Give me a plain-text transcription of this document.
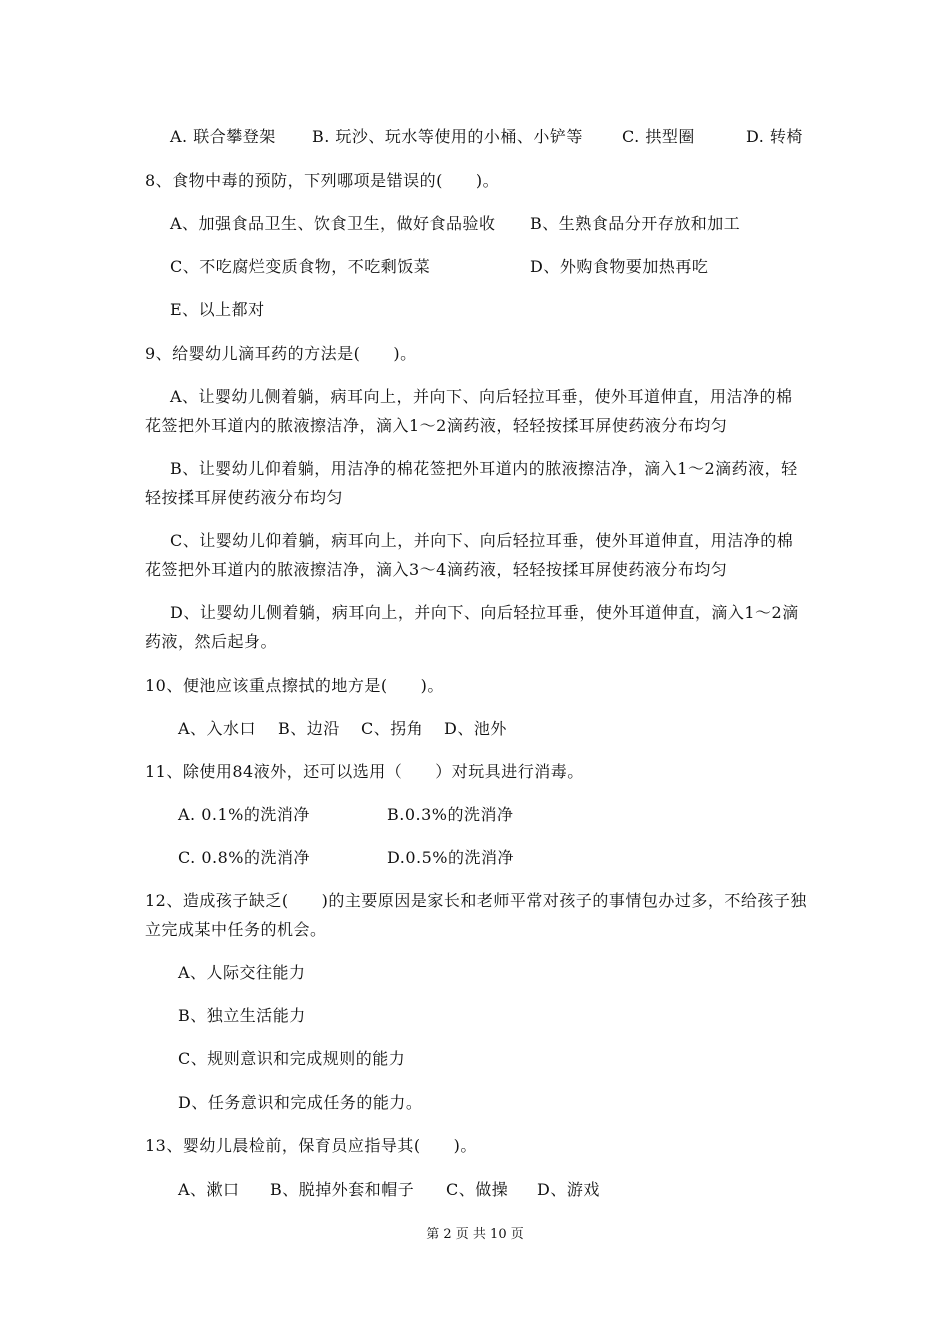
A. 联合攀登架 B. 玩沙、玩水等使用的小桶、小铲等 C. 拱型圈	D. 转椅
8、食物中毒的预防，下列哪项是错误的(　　)。
A、加强食品卫生、饮食卫生，做好食品验收 B、生熟食品分开存放和加工
C、不吃腐烂变质食物，不吃剩饭菜	D、外购食物要加热再吃
E、以上都对
9、给婴幼儿滴耳药的方法是(　　)。
A、让婴幼儿侧着躺，病耳向上，并向下、向后轻拉耳垂，使外耳道伸直，用洁净的棉
花签把外耳道内的脓液擦洁净，滴入1～2滴药液，轻轻按揉耳屏使药液分布均匀
B、让婴幼儿仰着躺，用洁净的棉花签把外耳道内的脓液擦洁净，滴入1～2滴药液，轻
轻按揉耳屏使药液分布均匀
C、让婴幼儿仰着躺，病耳向上，并向下、向后轻拉耳垂，使外耳道伸直，用洁净的棉
花签把外耳道内的脓液擦洁净，滴入3～4滴药液，轻轻按揉耳屏使药液分布均匀
D、让婴幼儿侧着躺，病耳向上，并向下、向后轻拉耳垂，使外耳道伸直，滴入1～2滴
药液，然后起身。
10、便池应该重点擦拭的地方是(　　)。
A、入水口 B、边沿 C、拐角 D、池外
11、除使用84液外，还可以选用（　　）对玩具进行消毒。
A. 0.1%的洗消净	B.0.3%的洗消净
C. 0.8%的洗消净	D.0.5%的洗消净
12、造成孩子缺乏(　　)的主要原因是家长和老师平常对孩子的事情包办过多，不给孩子独
立完成某中任务的机会。
A、人际交往能力
B、独立生活能力
C、规则意识和完成规则的能力
D、任务意识和完成任务的能力。
13、婴幼儿晨检前，保育员应指导其(　　)。
A、漱口 B、脱掉外套和帽子 C、做操 D、游戏
第 2 页 共 10 页
